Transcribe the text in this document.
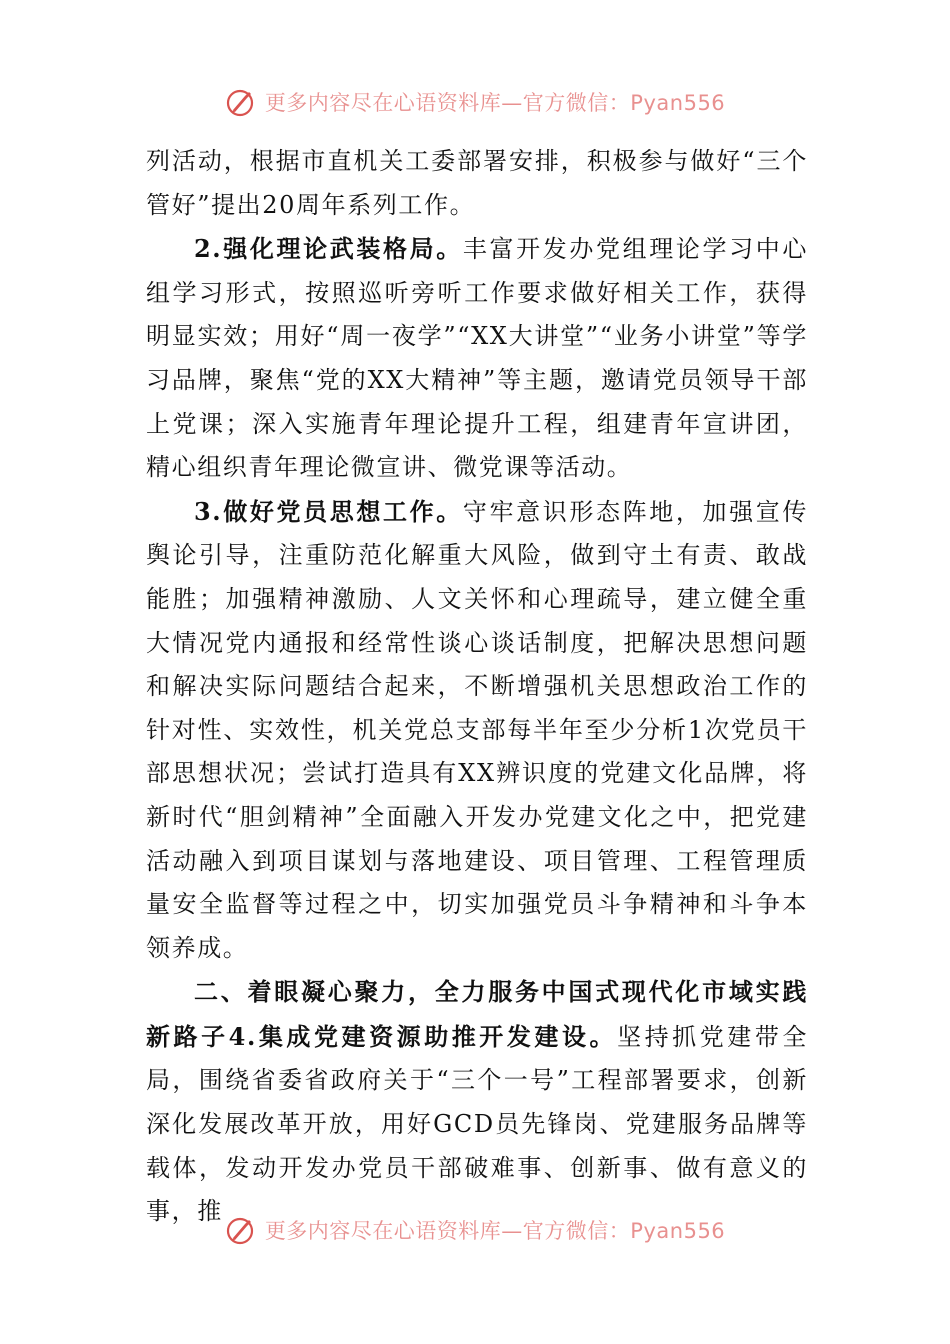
更多内容尽在心语资料库—官方微信：Pyan556

列活动，根据市直机关工委部署安排，积极参与做好“三个管好”提出20周年系列工作。

2.强化理论武装格局。丰富开发办党组理论学习中心组学习形式，按照巡听旁听工作要求做好相关工作，获得明显实效；用好“周一夜学”“XX大讲堂”“业务小讲堂”等学习品牌，聚焦“党的XX大精神”等主题，邀请党员领导干部上党课；深入实施青年理论提升工程，组建青年宣讲团，精心组织青年理论微宣讲、微党课等活动。

3.做好党员思想工作。守牢意识形态阵地，加强宣传舆论引导，注重防范化解重大风险，做到守土有责、敢战能胜；加强精神激励、人文关怀和心理疏导，建立健全重大情况党内通报和经常性谈心谈话制度，把解决思想问题和解决实际问题结合起来，不断增强机关思想政治工作的针对性、实效性，机关党总支部每半年至少分析1次党员干部思想状况；尝试打造具有XX辨识度的党建文化品牌，将新时代“胆剑精神”全面融入开发办党建文化之中，把党建活动融入到项目谋划与落地建设、项目管理、工程管理质量安全监督等过程之中，切实加强党员斗争精神和斗争本领养成。

二、着眼凝心聚力，全力服务中国式现代化市域实践新路子4.集成党建资源助推开发建设。坚持抓党建带全局，围绕省委省政府关于“三个一号”工程部署要求，创新深化发展改革开放，用好GCD员先锋岗、党建服务品牌等载体，发动开发办党员干部破难事、创新事、做有意义的事，推

更多内容尽在心语资料库—官方微信：Pyan556
